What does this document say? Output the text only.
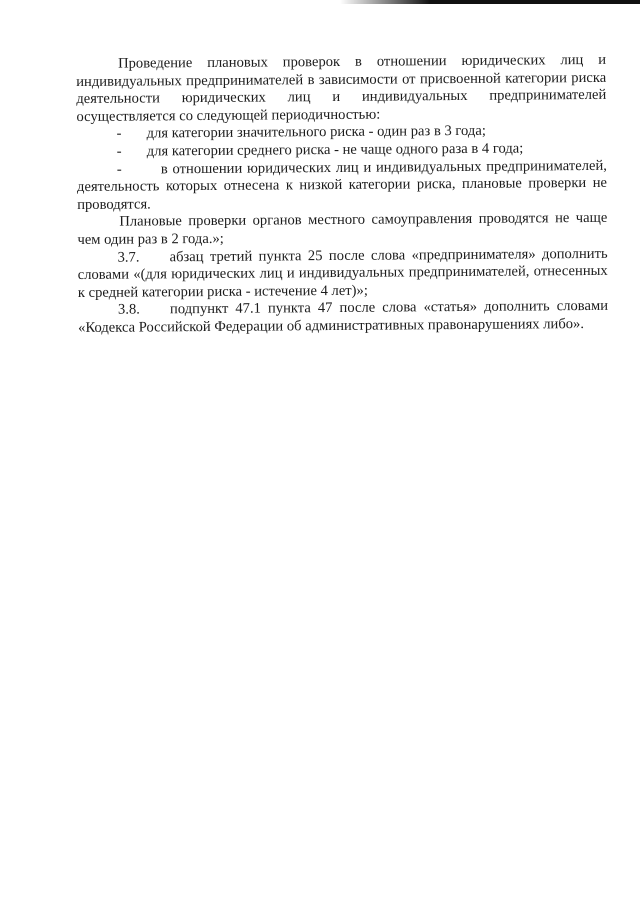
Проведение плановых проверок в отношении юридических лиц и индивидуальных предпринимателей в зависимости от присвоенной категории риска деятельности юридических лиц и индивидуальных предпринимателей осуществляется со следующей периодичностью:

-	для категории значительного риска - один раз в 3 года;
-	для категории среднего риска - не чаще одного раза в 4 года;

-	в отношении юридических лиц и индивидуальных предпринимателей, деятельность которых отнесена к низкой категории риска, плановые проверки не проводятся.

Плановые проверки органов местного самоуправления проводятся не чаще чем один раз в 2 года.»;

3.7. абзац третий пункта 25 после слова «предпринимателя» дополнить словами «(для юридических лиц и индивидуальных предпринимателей, отнесенных к средней категории риска - истечение 4 лет)»;

3.8. подпункт 47.1 пункта 47 после слова «статья» дополнить словами «Кодекса Российской Федерации об административных правонарушениях либо».
